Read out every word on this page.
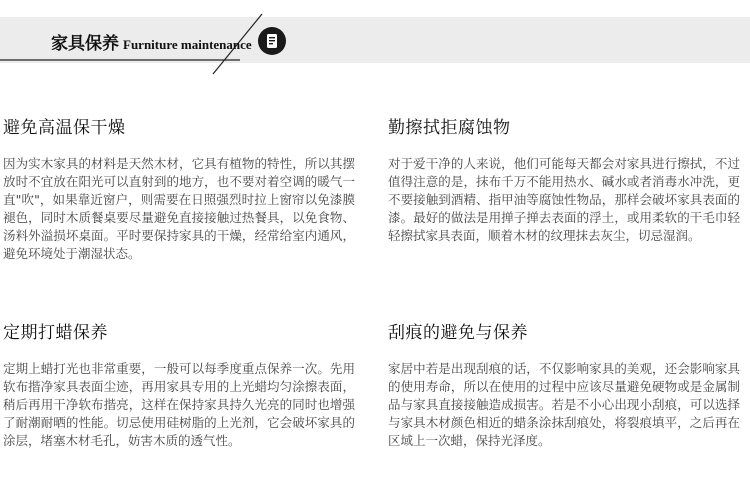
家具保养 Furniture maintenance
避免高温保干燥
因为实木家具的材料是天然木材，它具有植物的特性，所以其摆放时不宜放在阳光可以直射到的地方，也不要对着空调的暖气一直"吹"，如果靠近窗户，则需要在日照强烈时拉上窗帘以免漆膜褪色，同时木质餐桌要尽量避免直接接触过热餐具，以免食物、汤料外溢损坏桌面。平时要保持家具的干燥，经常给室内通风，避免环境处于潮湿状态。
勤擦拭拒腐蚀物
对于爱干净的人来说，他们可能每天都会对家具进行擦拭，不过值得注意的是，抹布千万不能用热水、碱水或者消毒水冲洗，更不要接触到酒精、指甲油等腐蚀性物品，那样会破坏家具表面的漆。最好的做法是用掸子掸去表面的浮土，或用柔软的干毛巾轻轻擦拭家具表面，顺着木材的纹理抹去灰尘，切忌湿润。
定期打蜡保养
定期上蜡打光也非常重要，一般可以每季度重点保养一次。先用软布揩净家具表面尘迹，再用家具专用的上光蜡均匀涂擦表面，稍后再用干净软布揩亮，这样在保持家具持久光亮的同时也增强了耐潮耐晒的性能。切忌使用硅树脂的上光剂，它会破坏家具的涂层，堵塞木材毛孔，妨害木质的透气性。
刮痕的避免与保养
家居中若是出现刮痕的话，不仅影响家具的美观，还会影响家具的使用寿命，所以在使用的过程中应该尽量避免硬物或是金属制品与家具直接接触造成损害。若是不小心出现小刮痕，可以选择与家具木材颜色相近的蜡条涂抹刮痕处，将裂痕填平，之后再在区域上一次蜡，保持光泽度。
